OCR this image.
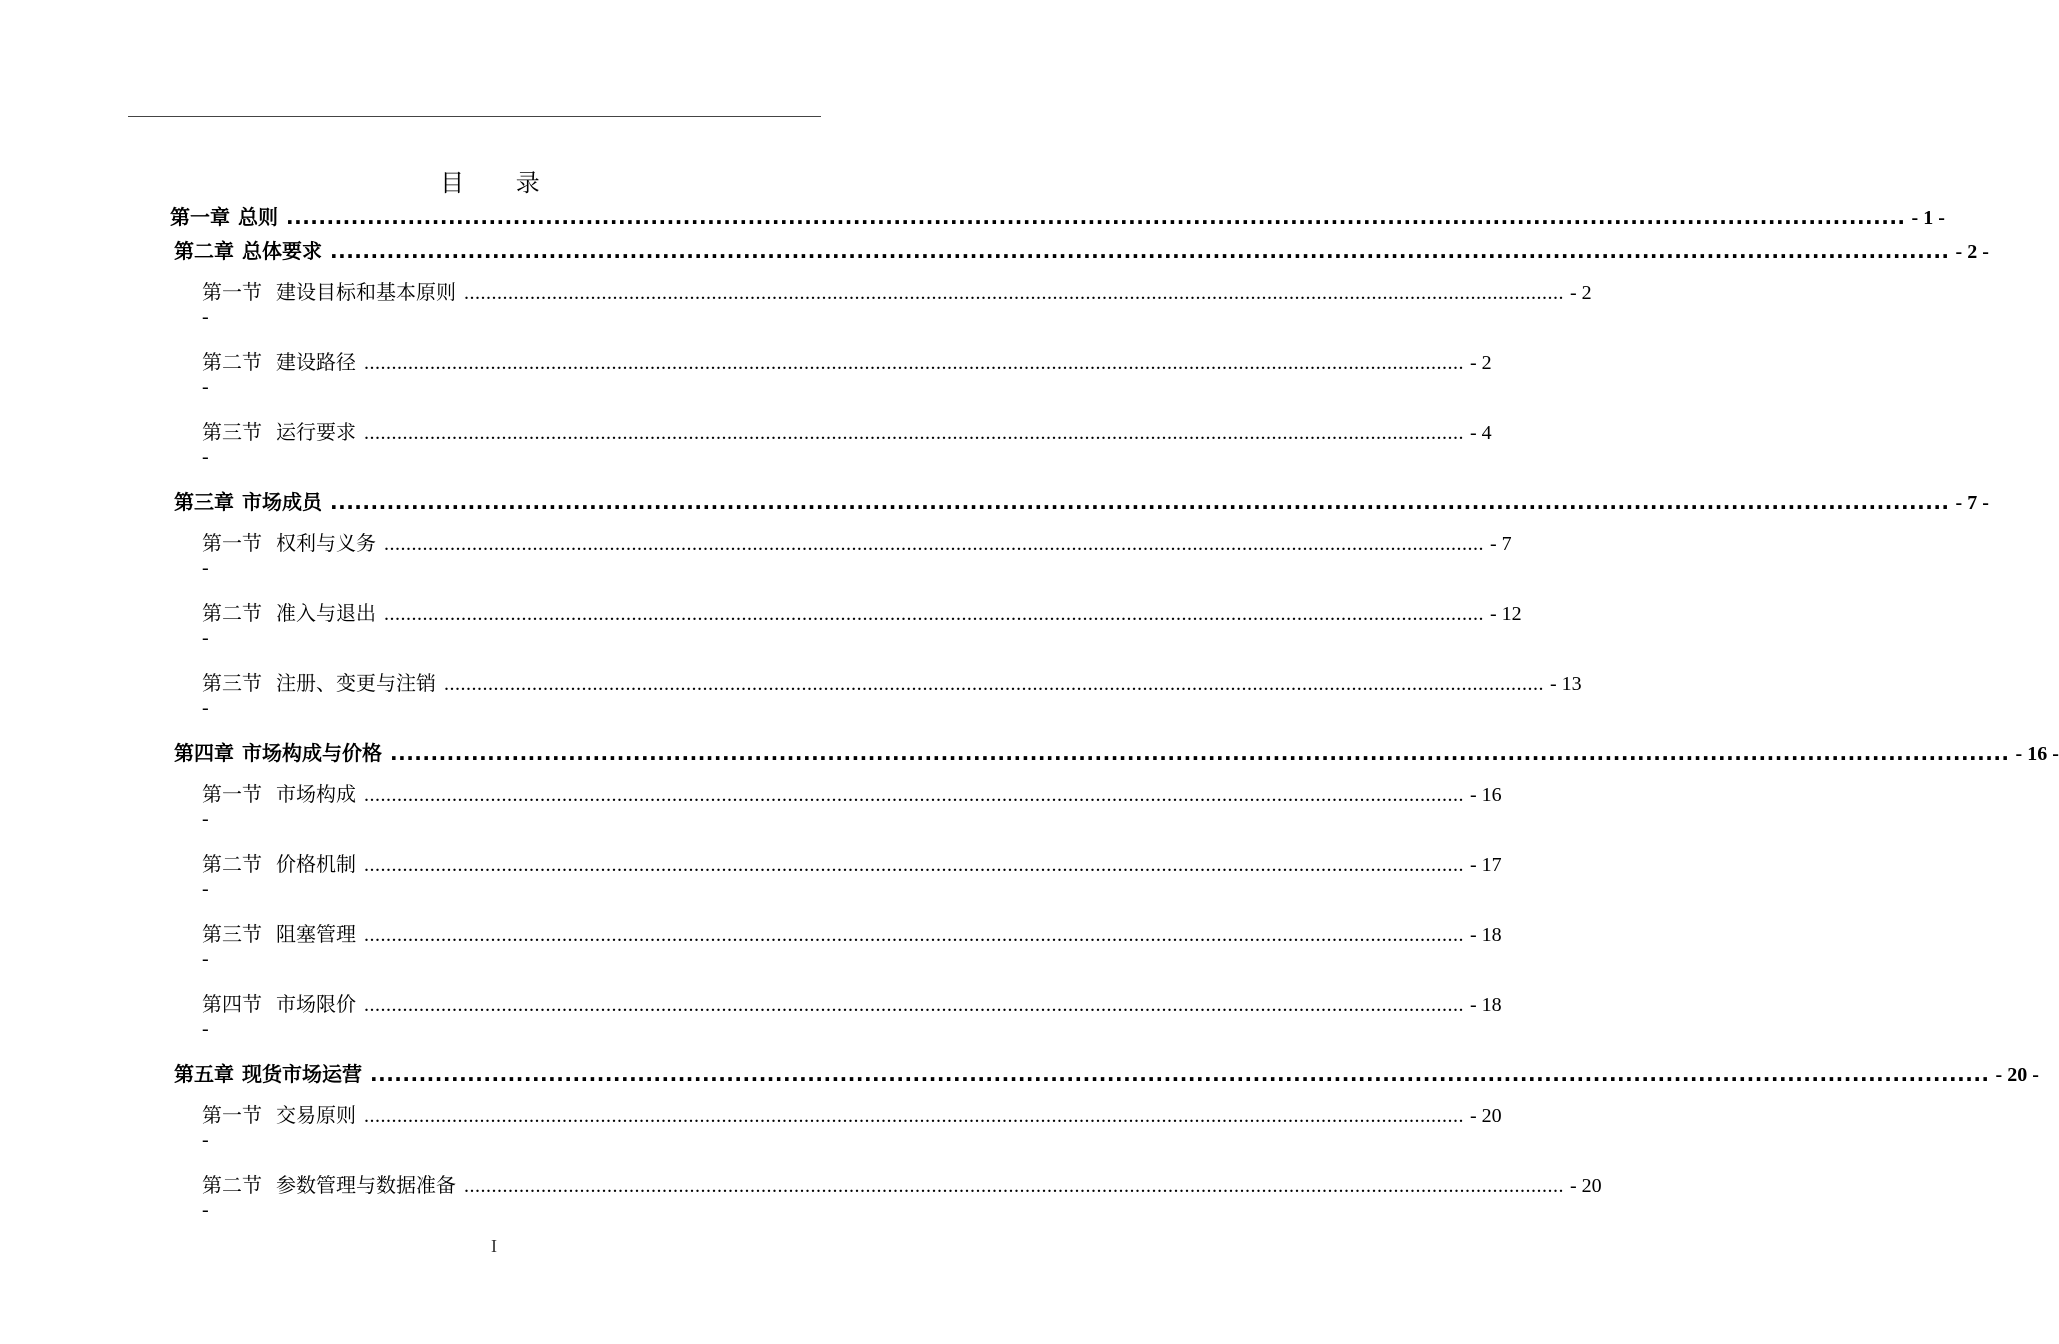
目 录
第一章 总则 ........................................................................................................................................................................................................ - 1 -
第二章 总体要求 ........................................................................................................................................................................................................ - 2 -
第一节 建设目标和基本原则 ........................................................................................................................................................................................................ - 2
-
第二节 建设路径 ........................................................................................................................................................................................................ - 2
-
第三节 运行要求 ........................................................................................................................................................................................................ - 4
-
第三章 市场成员 ........................................................................................................................................................................................................ - 7 -
第一节 权利与义务 ........................................................................................................................................................................................................ - 7
-
第二节 准入与退出 ........................................................................................................................................................................................................ - 12
-
第三节 注册、变更与注销 ........................................................................................................................................................................................................ - 13
-
第四章 市场构成与价格 ........................................................................................................................................................................................................ - 16 -
第一节 市场构成 ........................................................................................................................................................................................................ - 16
-
第二节 价格机制 ........................................................................................................................................................................................................ - 17
-
第三节 阻塞管理 ........................................................................................................................................................................................................ - 18
-
第四节 市场限价 ........................................................................................................................................................................................................ - 18
-
第五章 现货市场运营 ........................................................................................................................................................................................................ - 20 -
第一节 交易原则 ........................................................................................................................................................................................................ - 20
-
第二节 参数管理与数据准备 ........................................................................................................................................................................................................ - 20
-
I
